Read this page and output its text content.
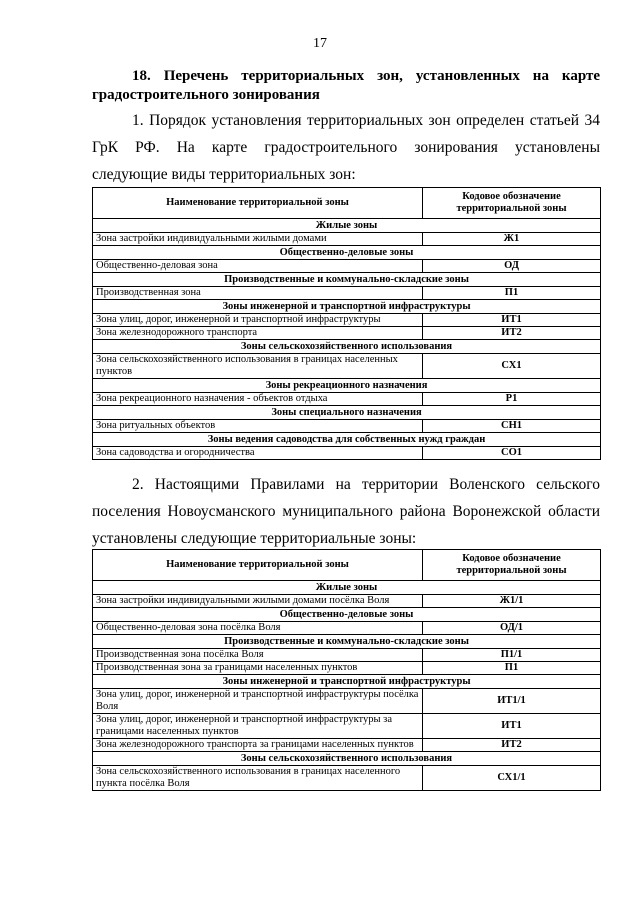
17

18. Перечень территориальных зон, установленных на карте градостроительного зонирования

1. Порядок установления территориальных зон определен статьей 34 ГрК РФ. На карте градостроительного зонирования установлены следующие виды территориальных зон:

Наименование территориальной зоны	Кодовое обозначение территориальной зоны
Жилые зоны	
Зона застройки индивидуальными жилыми домами	Ж1
Общественно-деловые зоны	
Общественно-деловая зона	ОД
Производственные и коммунально-складские зоны	
Производственная зона	П1
Зоны инженерной и транспортной инфраструктуры	
Зона улиц, дорог, инженерной и транспортной инфраструктуры	ИТ1
Зона железнодорожного транспорта	ИТ2
Зоны сельскохозяйственного использования	
Зона сельскохозяйственного использования в границах населенных пунктов	СХ1
Зоны рекреационного назначения	
Зона рекреационного назначения - объектов отдыха	Р1
Зоны специального назначения	
Зона ритуальных объектов	СН1
Зоны ведения садоводства для собственных нужд граждан	
Зона садоводства и огородничества	СО1

2. Настоящими Правилами на территории Воленского сельского поселения Новоусманского муниципального района Воронежской области установлены следующие территориальные зоны:

Наименование территориальной зоны	Кодовое обозначение территориальной зоны
Жилые зоны	
Зона застройки индивидуальными жилыми домами посёлка Воля	Ж1/1
Общественно-деловые зоны	
Общественно-деловая зона посёлка Воля	ОД/1
Производственные и коммунально-складские зоны	
Производственная зона посёлка Воля	П1/1
Производственная зона за границами населенных пунктов	П1
Зоны инженерной и транспортной инфраструктуры	
Зона улиц, дорог, инженерной и транспортной инфраструктуры посёлка Воля	ИТ1/1
Зона улиц, дорог, инженерной и транспортной инфраструктуры за границами населенных пунктов	ИТ1
Зона железнодорожного транспорта за границами населенных пунктов	ИТ2
Зоны сельскохозяйственного использования	
Зона сельскохозяйственного использования в границах населенного пункта посёлка Воля	СХ1/1
